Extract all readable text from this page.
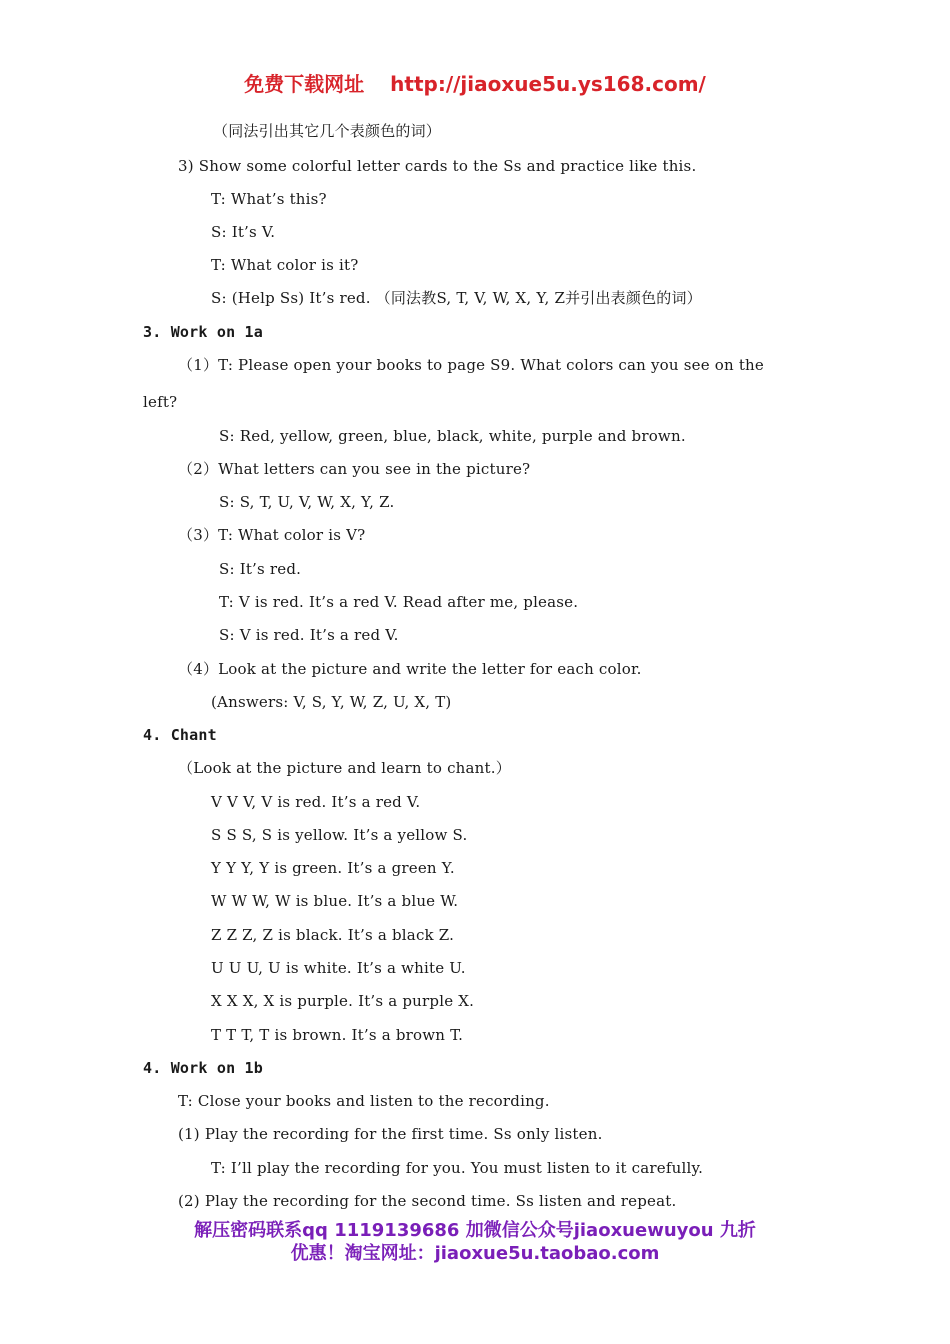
免费下载网址 http://jiaoxue5u.ys168.com/
（同法引出其它几个表颜色的词）
3) Show some colorful letter cards to the Ss and practice like this.
T: What’s this?
S: It’s V.
T: What color is it?
S: (Help Ss) It’s red. （同法教S, T, V, W, X, Y, Z并引出表颜色的词）
3. Work on 1a
（1）T: Please open your books to page S9. What colors can you see on the
left?
S: Red, yellow, green, blue, black, white, purple and brown.
（2）What letters can you see in the picture?
S: S, T, U, V, W, X, Y, Z.
（3）T: What color is V?
S: It’s red.
T: V is red. It’s a red V. Read after me, please.
S: V is red. It’s a red V.
（4）Look at the picture and write the letter for each color.
(Answers: V, S, Y, W, Z, U, X, T)
4. Chant
（Look at the picture and learn to chant.）
V V V, V is red. It’s a red V.
S S S, S is yellow. It’s a yellow S.
Y Y Y, Y is green. It’s a green Y.
W W W, W is blue. It’s a blue W.
Z Z Z, Z is black. It’s a black Z.
U U U, U is white. It’s a white U.
X X X, X is purple. It’s a purple X.
T T T, T is brown. It’s a brown T.
4. Work on 1b
T: Close your books and listen to the recording.
(1) Play the recording for the first time. Ss only listen.
T: I’ll play the recording for you. You must listen to it carefully.
(2) Play the recording for the second time. Ss listen and repeat.
解压密码联系qq 1119139686 加微信公众号jiaoxuewuyou 九折
优惠！淘宝网址：jiaoxue5u.taobao.com
